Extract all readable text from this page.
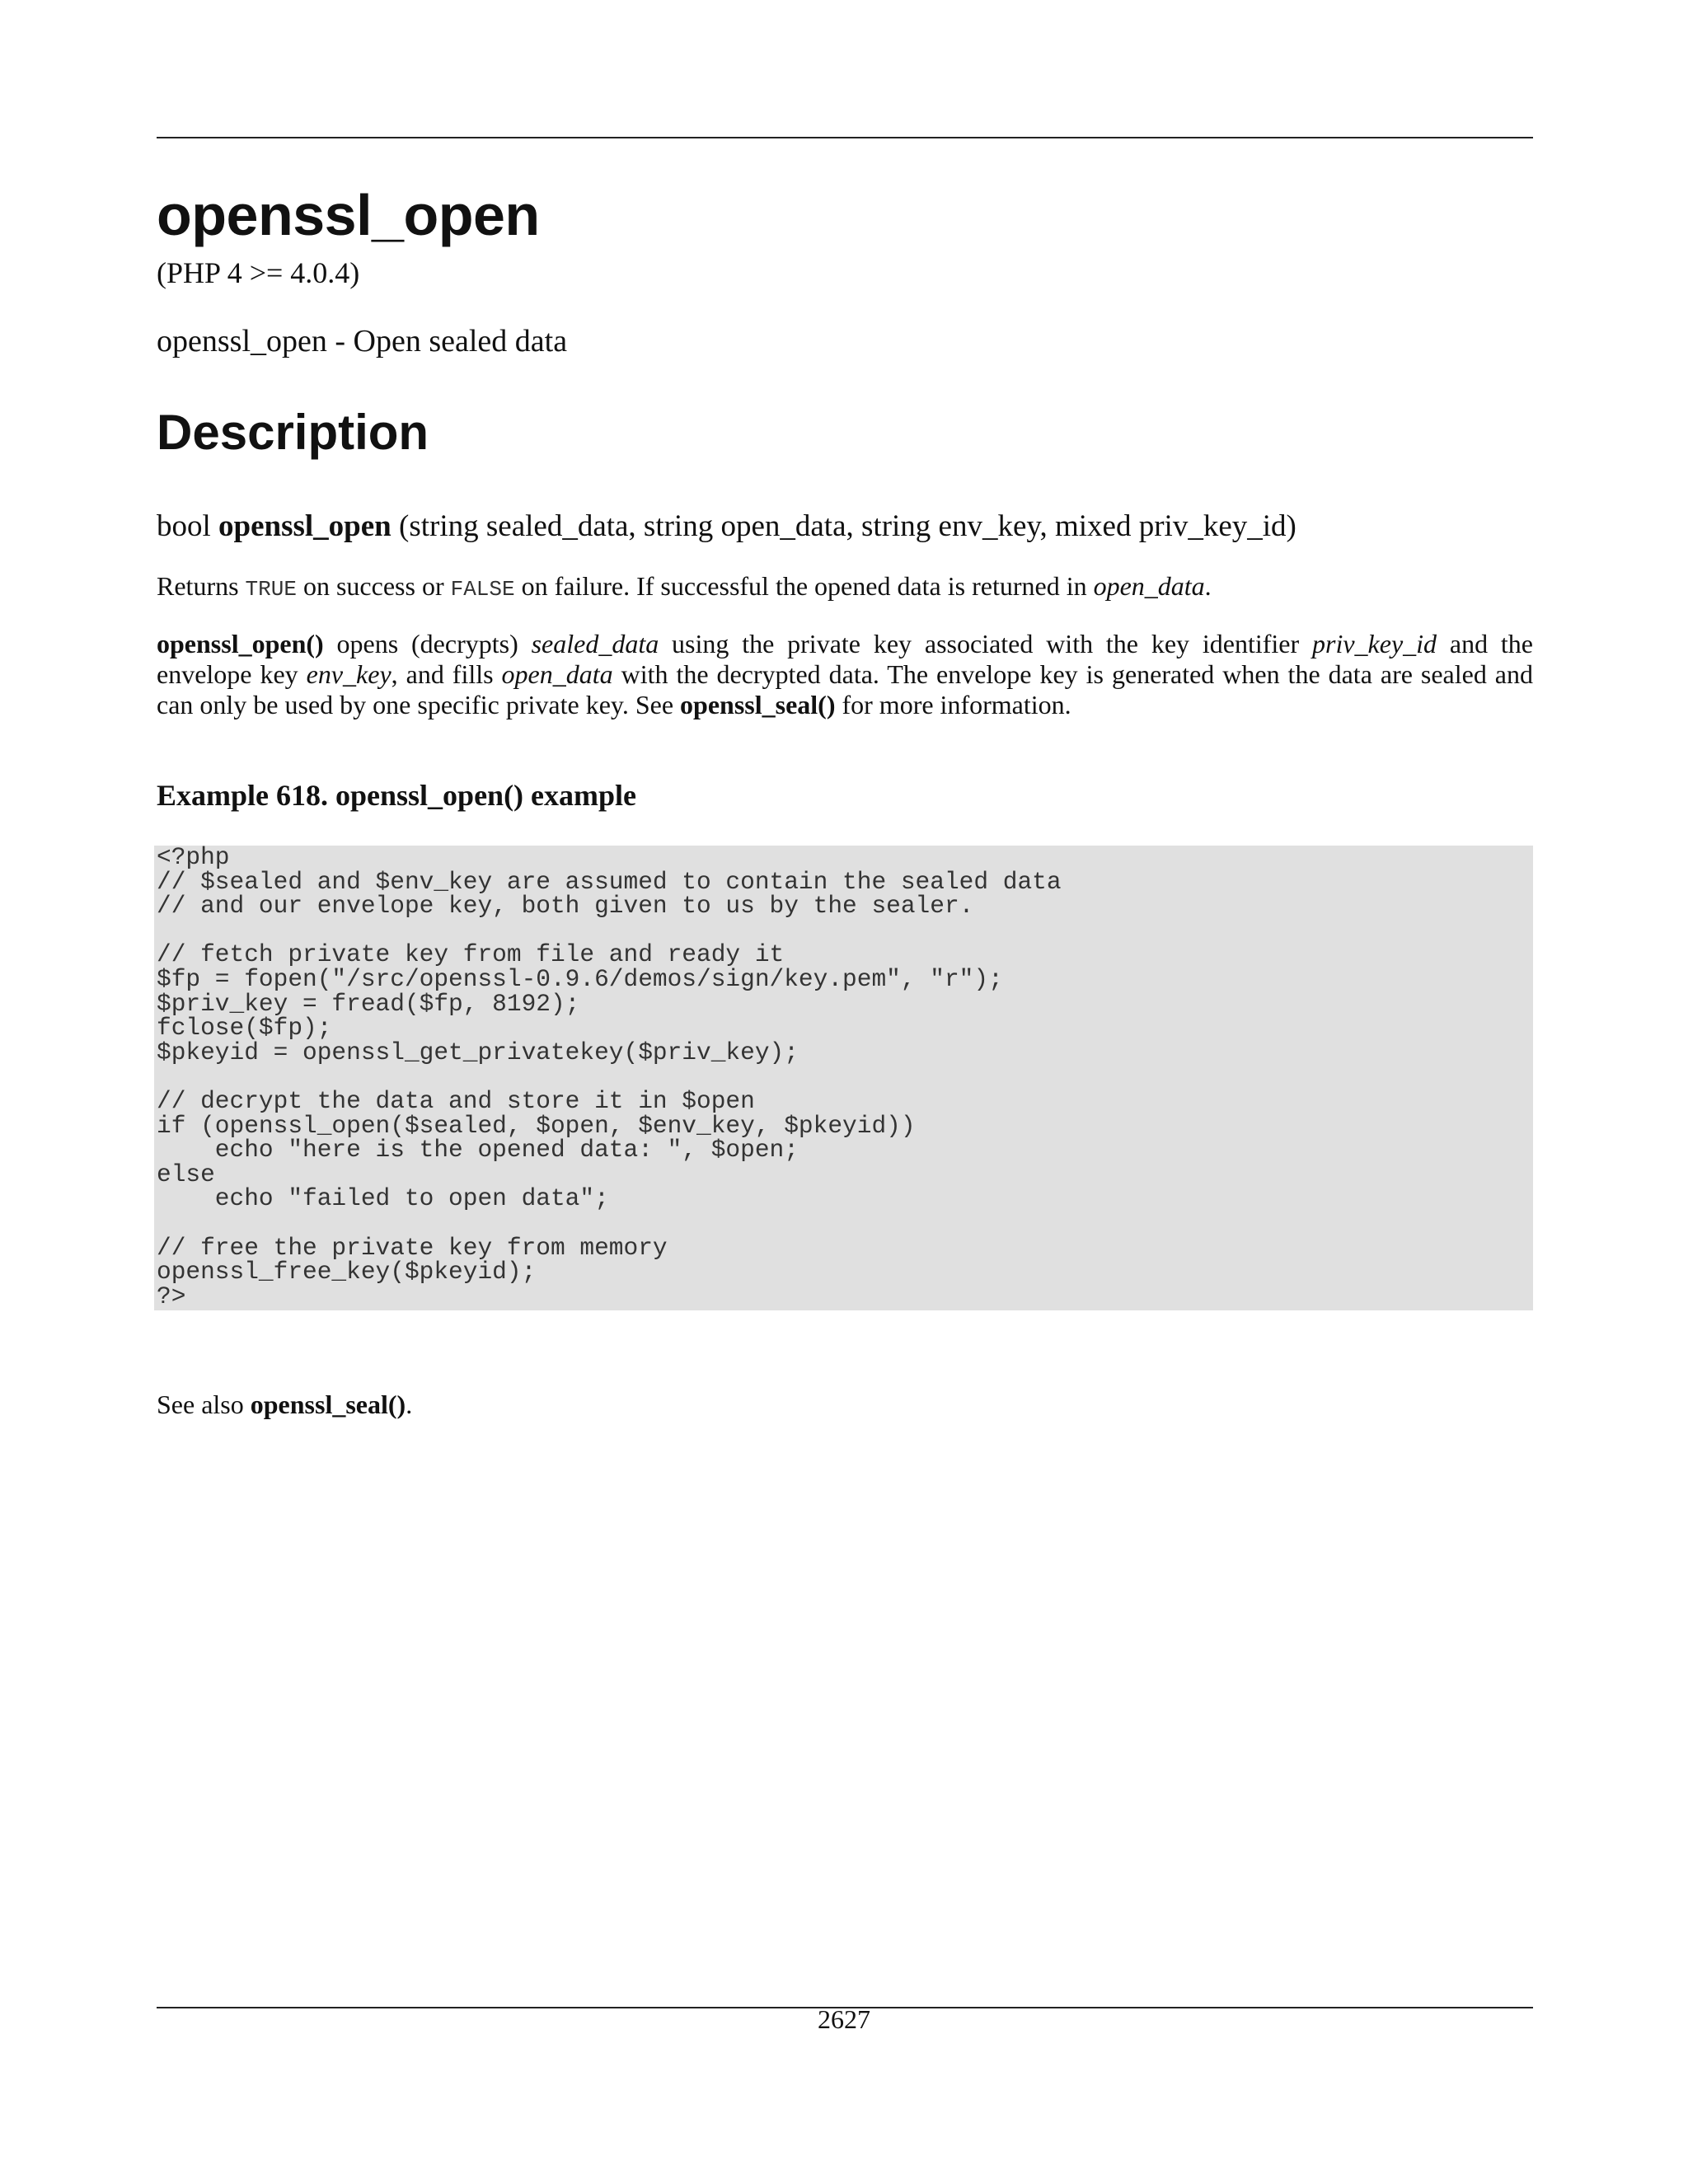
openssl_open
(PHP 4 >= 4.0.4)
openssl_open - Open sealed data
Description
bool openssl_open (string sealed_data, string open_data, string env_key, mixed priv_key_id)
Returns TRUE on success or FALSE on failure. If successful the opened data is returned in open_data.
openssl_open() opens (decrypts) sealed_data using the private key associated with the key identifier priv_key_id and the envelope key env_key, and fills open_data with the decrypted data. The envelope key is generated when the data are sealed and can only be used by one specific private key. See openssl_seal() for more information.
Example 618. openssl_open() example
<?php
// $sealed and $env_key are assumed to contain the sealed data
// and our envelope key, both given to us by the sealer.
// fetch private key from file and ready it
$fp = fopen("/src/openssl-0.9.6/demos/sign/key.pem", "r");
$priv_key = fread($fp, 8192);
fclose($fp);
$pkeyid = openssl_get_privatekey($priv_key);
// decrypt the data and store it in $open
if (openssl_open($sealed, $open, $env_key, $pkeyid))
echo "here is the opened data: ", $open;
else
echo "failed to open data";
// free the private key from memory
openssl_free_key($pkeyid);
?>
See also openssl_seal().
2627
